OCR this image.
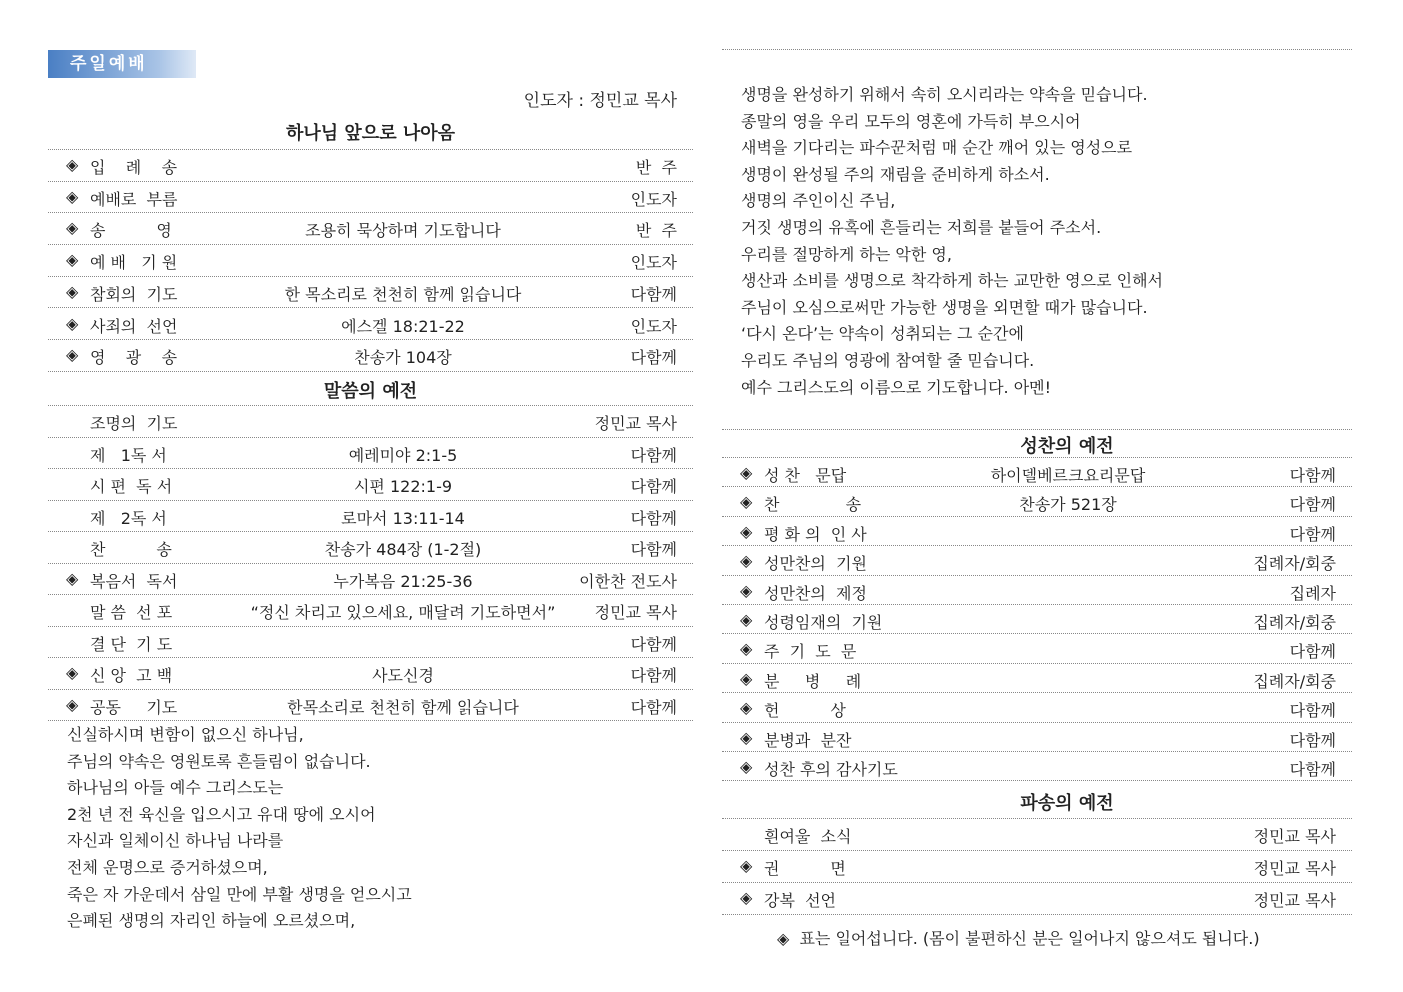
주일예배
인도자 : 정민교 목사
하나님 앞으로 나아옴
◈ 입    례    송	반  주
◈ 예배로  부름	인도자
◈ 송          영	조용히 묵상하며 기도합니다	반  주
◈ 예 배   기 원	인도자
◈ 참회의  기도	한 목소리로 천천히 함께 읽습니다	다함께
◈ 사죄의  선언	에스겔 18:21-22	인도자
◈ 영    광    송	찬송가 104장	다함께
말씀의 예전
조명의  기도	정민교 목사
제   1독 서	예레미야 2:1-5	다함께
시 편  독 서	시편 122:1-9	다함께
제   2독 서	로마서 13:11-14	다함께
찬          송	찬송가 484장 (1-2절)	다함께
◈ 복음서  독서	누가복음 21:25-36	이한찬 전도사
말 씀  선 포	“정신 차리고 있으세요, 매달려 기도하면서” 정민교 목사
결 단  기 도	다함께
◈ 신 앙  고 백	사도신경	다함께
◈ 공동     기도	한목소리로 천천히 함께 읽습니다	다함께
신실하시며 변함이 없으신 하나님,
주님의 약속은 영원토록 흔들림이 없습니다.
하나님의 아들 예수 그리스도는
2천 년 전 육신을 입으시고 유대 땅에 오시어
자신과 일체이신 하나님 나라를
전체 운명으로 증거하셨으며,
죽은 자 가운데서 삼일 만에 부활 생명을 얻으시고
은폐된 생명의 자리인 하늘에 오르셨으며,
생명을 완성하기 위해서 속히 오시리라는 약속을 믿습니다.
종말의 영을 우리 모두의 영혼에 가득히 부으시어
새벽을 기다리는 파수꾼처럼 매 순간 깨어 있는 영성으로
생명이 완성될 주의 재림을 준비하게 하소서.
생명의 주인이신 주님,
거짓 생명의 유혹에 흔들리는 저희를 붙들어 주소서.
우리를 절망하게 하는 악한 영,
생산과 소비를 생명으로 착각하게 하는 교만한 영으로 인해서
주님이 오심으로써만 가능한 생명을 외면할 때가 많습니다.
‘다시 온다’는 약속이 성취되는 그 순간에
우리도 주님의 영광에 참여할 줄 믿습니다.
예수 그리스도의 이름으로 기도합니다. 아멘!
성찬의 예전
◈ 성 찬   문답	하이델베르크요리문답	다함께
◈ 찬             송	찬송가 521장	다함께
◈ 평 화 의  인 사	다함께
◈ 성만찬의  기원	집례자/회중
◈ 성만찬의  제정	집례자
◈ 성령임재의  기원	집례자/회중
◈ 주  기  도  문	다함께
◈ 분     병     례	집례자/회중
◈ 헌          상	다함께
◈ 분병과  분잔	다함께
◈ 성찬 후의 감사기도	다함께
파송의 예전
흰여울  소식	정민교 목사
◈ 권          면	정민교 목사
◈ 강복  선언	정민교 목사
◈  표는 일어섭니다. (몸이 불편하신 분은 일어나지 않으셔도 됩니다.)
